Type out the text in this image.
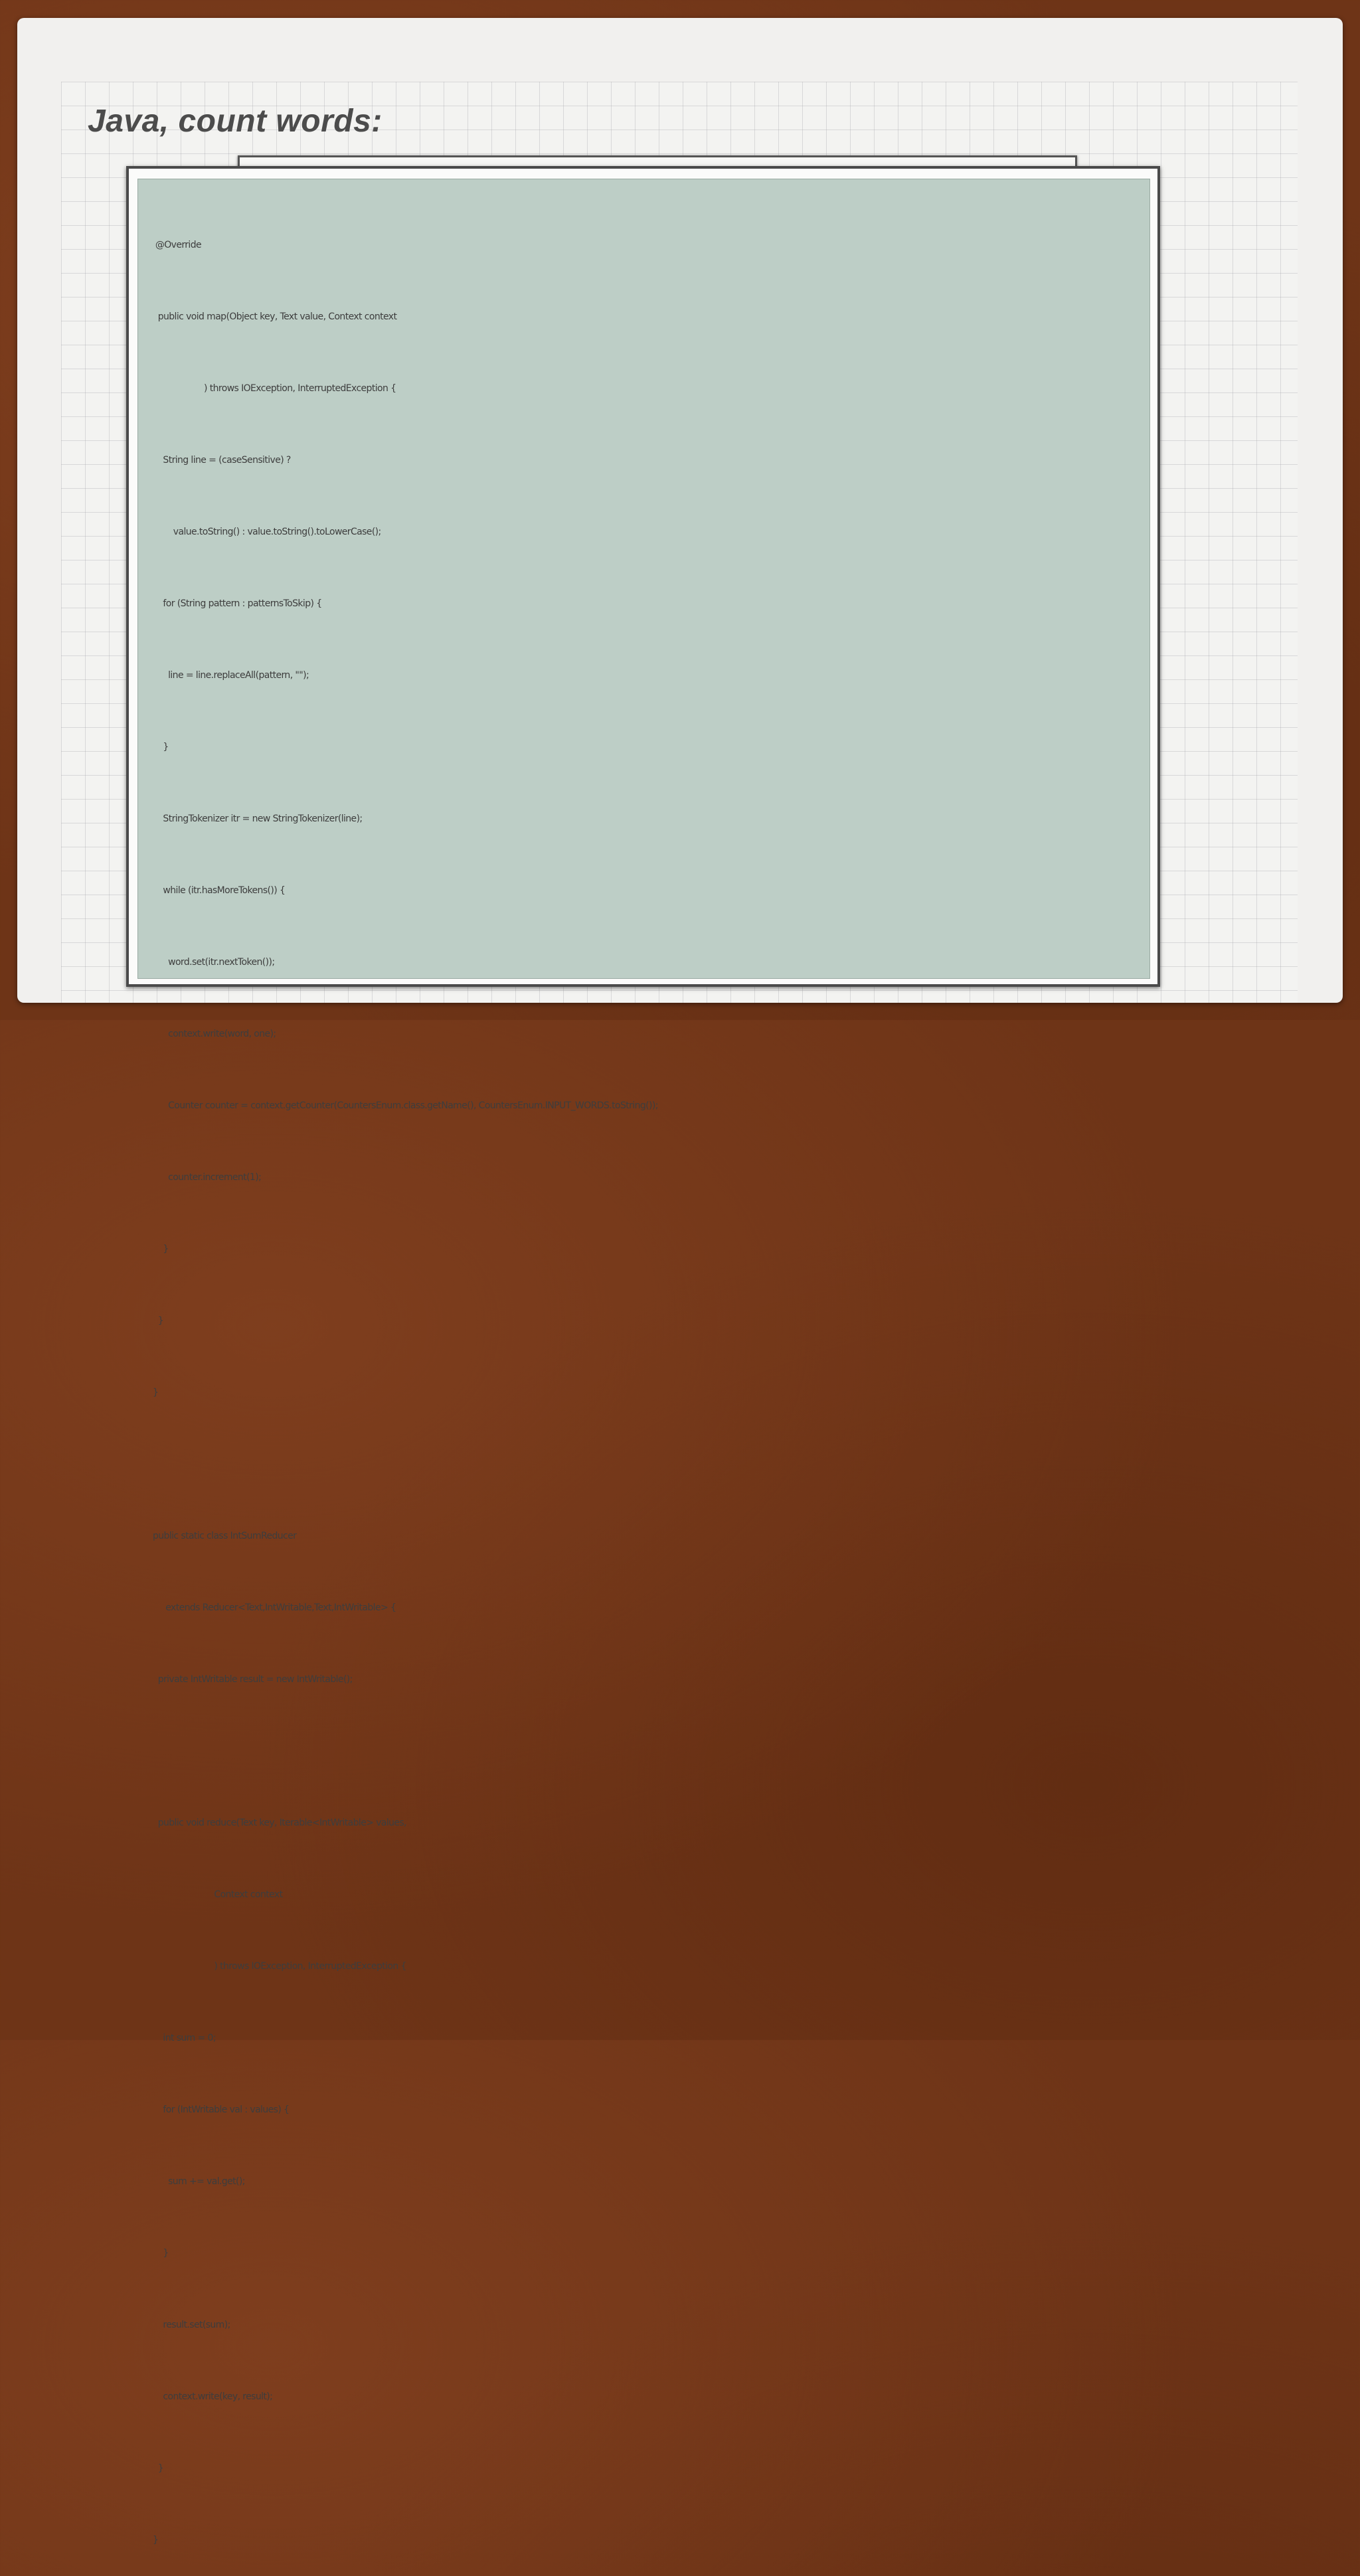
Java, count words:

@Override

public void map(Object key, Text value, Context context

) throws IOException, InterruptedException {

String line = (caseSensitive) ?

value.toString() : value.toString().toLowerCase();

for (String pattern : patternsToSkip) {

line = line.replaceAll(pattern, "");

}

StringTokenizer itr = new StringTokenizer(line);

while (itr.hasMoreTokens()) {

word.set(itr.nextToken());

context.write(word, one);

Counter counter = context.getCounter(CountersEnum.class.getName(), CountersEnum.INPUT_WORDS.toString());

counter.increment(1);

}

}

}

public static class IntSumReducer

extends Reducer<Text,IntWritable,Text,IntWritable> {

private IntWritable result = new IntWritable();

public void reduce(Text key, Iterable<IntWritable> values,

Context context

) throws IOException, InterruptedException {

int sum = 0;

for (IntWritable val : values) {

sum += val.get();

}

result.set(sum);

context.write(key, result);

}

}
